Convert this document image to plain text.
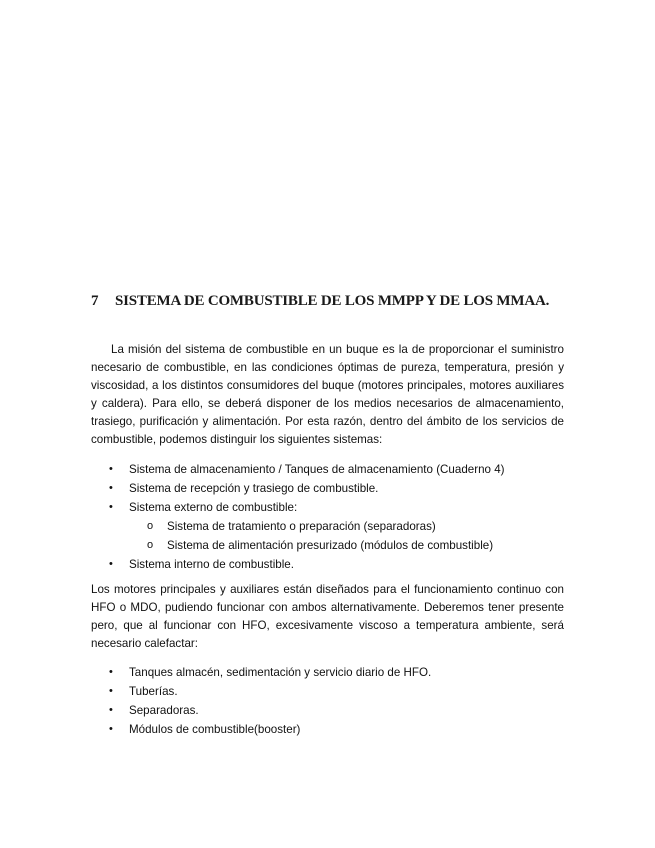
7 SISTEMA DE COMBUSTIBLE DE LOS MMPP Y DE LOS MMAA.

La misión del sistema de combustible en un buque es la de proporcionar el suministro necesario de combustible, en las condiciones óptimas de pureza, temperatura, presión y viscosidad, a los distintos consumidores del buque (motores principales, motores auxiliares y caldera). Para ello, se deberá disponer de los medios necesarios de almacenamiento, trasiego, purificación y alimentación. Por esta razón, dentro del ámbito de los servicios de combustible, podemos distinguir los siguientes sistemas:

• Sistema de almacenamiento / Tanques de almacenamiento (Cuaderno 4)
• Sistema de recepción y trasiego de combustible.
• Sistema externo de combustible:
o Sistema de tratamiento o preparación (separadoras)
o Sistema de alimentación presurizado (módulos de combustible)
• Sistema interno de combustible.

Los motores principales y auxiliares están diseñados para el funcionamiento continuo con HFO o MDO, pudiendo funcionar con ambos alternativamente. Deberemos tener presente pero, que al funcionar con HFO, excesivamente viscoso a temperatura ambiente, será necesario calefactar:

• Tanques almacén, sedimentación y servicio diario de HFO.
• Tuberías.
• Separadoras.
• Módulos de combustible(booster)
